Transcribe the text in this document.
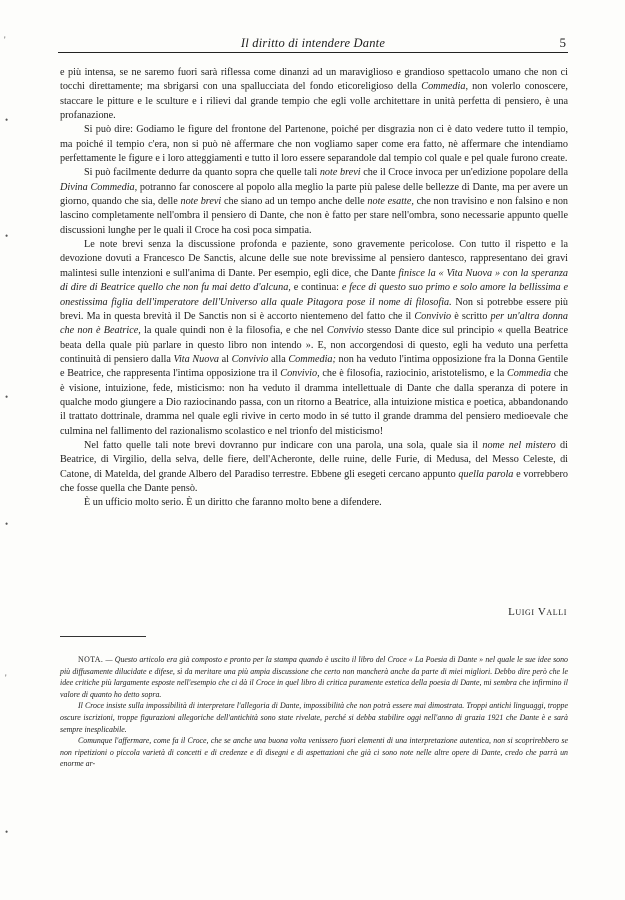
'
•
•
•
•
'
•
Il diritto di intendere Dante	5

e più intensa, se ne saremo fuori sarà riflessa come dinanzi ad un maraviglioso e grandioso spettacolo umano che non ci tocchi direttamente; ma sbrigarsi con una spallucciata del fondo eticoreligioso della Commedia, non volerlo conoscere, staccare le pitture e le sculture e i rilievi dal grande tempio che egli volle architettare in unità perfetta di pensiero, è una profanazione.

Si può dire: Godiamo le figure del frontone del Partenone, poiché per disgrazia non ci è dato vedere tutto il tempio, ma poiché il tempio c'era, non si può nè affermare che non vogliamo saper come era fatto, nè affermare che intendiamo perfettamente le figure e i loro atteggiamenti e tutto il loro essere separandole dal tempio col quale e pel quale furono create.

Si può facilmente dedurre da quanto sopra che quelle tali note brevi che il Croce invoca per un'edizione popolare della Divina Commedia, potranno far conoscere al popolo alla meglio la parte più palese delle bellezze di Dante, ma per avere un giorno, quando che sia, delle note brevi che siano ad un tempo anche delle note esatte, che non travisino e non falsino e non lascino completamente nell'ombra il pensiero di Dante, che non è fatto per stare nell'ombra, sono necessarie appunto quelle discussioni lunghe per le quali il Croce ha così poca simpatia.

Le note brevi senza la discussione profonda e paziente, sono gravemente pericolose. Con tutto il rispetto e la devozione dovuti a Francesco De Sanctis, alcune delle sue note brevissime al pensiero dantesco, rappresentano dei gravi malintesi sulle intenzioni e sull'anima di Dante. Per esempio, egli dice, che Dante finisce la « Vita Nuova » con la speranza di dire di Beatrice quello che non fu mai detto d'alcuna, e continua: e fece di questo suo primo e solo amore la bellissima e onestissima figlia dell'imperatore dell'Universo alla quale Pitagora pose il nome di filosofia. Non si potrebbe essere più brevi. Ma in questa brevità il De Sanctis non si è accorto nientemeno del fatto che il Convivio è scritto per un'altra donna che non è Beatrice, la quale quindi non è la filosofia, e che nel Convivio stesso Dante dice sul principio « quella Beatrice beata della quale più parlare in questo libro non intendo ». E, non accorgendosi di questo, egli ha veduto una perfetta continuità di pensiero dalla Vita Nuova al Convivio alla Commedia; non ha veduto l'intima opposizione fra la Donna Gentile e Beatrice, che rappresenta l'intima opposizione tra il Convivio, che è filosofia, raziocinio, aristotelismo, e la Commedia che è visione, intuizione, fede, misticismo: non ha veduto il dramma intellettuale di Dante che dalla speranza di potere in qualche modo giungere a Dio raziocinando passa, con un ritorno a Beatrice, alla intuizione mistica e poetica, abbandonando il trattato dottrinale, dramma nel quale egli rivive in certo modo in sé tutto il grande dramma del pensiero medioevale che culmina nel fallimento del razionalismo scolastico e nel trionfo del misticismo!

Nel fatto quelle tali note brevi dovranno pur indicare con una parola, una sola, quale sia il nome nel mistero di Beatrice, di Virgilio, della selva, delle fiere, dell'Acheronte, delle ruine, delle Furie, di Medusa, del Messo Celeste, di Catone, di Matelda, del grande Albero del Paradiso terrestre. Ebbene gli esegeti cercano appunto quella parola e vorrebbero che fosse quella che Dante pensò.

È un ufficio molto serio. È un diritto che faranno molto bene a difendere.

Luigi Valli

NOTA. — Questo articolo era già composto e pronto per la stampa quando è uscito il libro del Croce « La Poesia di Dante » nel quale le sue idee sono più diffusamente dilucidate e difese, sì da meritare una più ampia discussione che certo non mancherà anche da parte di miei migliori. Debbo dire però che le idee critiche più largamente esposte nell'esempio che ci dà il Croce in quel libro di critica puramente estetica della poesia di Dante, mi sembra che infirmino il valore di quanto ho detto sopra.

Il Croce insiste sulla impossibilità di interpretare l'allegoria di Dante, impossibilità che non potrà essere mai dimostrata. Troppi antichi linguaggi, troppe oscure iscrizioni, troppe figurazioni allegoriche dell'antichità sono state rivelate, perché si debba stabilire oggi nell'anno di grazia 1921 che Dante è e sarà sempre inesplicabile.

Comunque l'affermare, come fa il Croce, che se anche una buona volta venissero fuori elementi di una interpretazione autentica, non si scoprirebbero se non ripetizioni o piccola varietà di concetti e di credenze e di disegni e di aspettazioni che già ci sono note nelle altre opere di Dante, credo che parrà un enorme ar-
